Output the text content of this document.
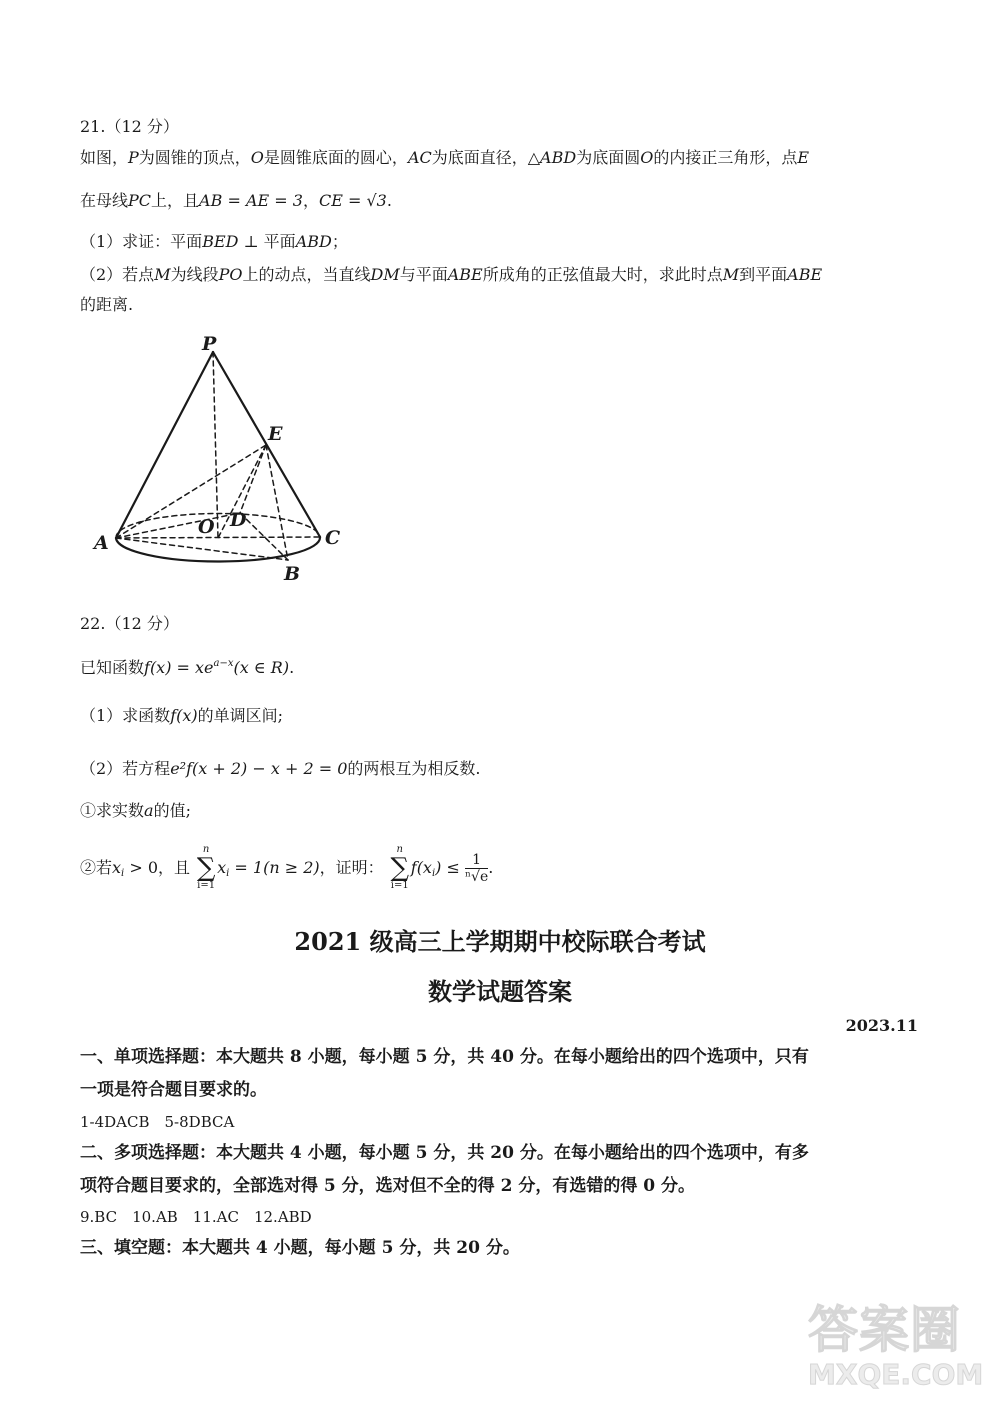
21.（12 分）
如图，P为圆锥的顶点，O是圆锥底面的圆心，AC为底面直径，△ABD为底面圆O的内接正三角形，点E
在母线PC上，且AB = AE = 3，CE = √3.
（1）求证：平面BED ⊥ 平面ABD；
（2）若点M为线段PO上的动点，当直线DM与平面ABE所成角的正弦值最大时，求此时点M到平面ABE
的距离.
P
E
A
O D
C
B
22.（12 分）
已知函数$f(x) = xe^{a-x}(x$ ∈ R).
（1）求函数f(x)的单调区间;
（2）若方程e²f(x + 2) − x + 2 = 0的两根互为相反数.
①求实数a的值;
②若$x_i > 0$，且
n
∑
i=1
$x_i = 1(n \ge 2)$，证明：
n
∑
i=1
$f(x_i) \le \frac{1}{\text{ⁿ√e}}$ .
2021 级高三上学期期中校际联合考试
数学试题答案
2023.11
一、单项选择题：本大题共 8 小题，每小题 5 分，共 40 分。在每小题给出的四个选项中，只有
一项是符合题目要求的。
1-4DACB　5-8DBCA
二、多项选择题：本大题共 4 小题，每小题 5 分，共 20 分。在每小题给出的四个选项中，有多
项符合题目要求的，全部选对得 5 分，选对但不全的得 2 分，有选错的得 0 分。
9.BC　10.AB　11.AC　12.ABD
三、填空题：本大题共 4 小题，每小题 5 分，共 20 分。
答案圈
MXQE.COM
